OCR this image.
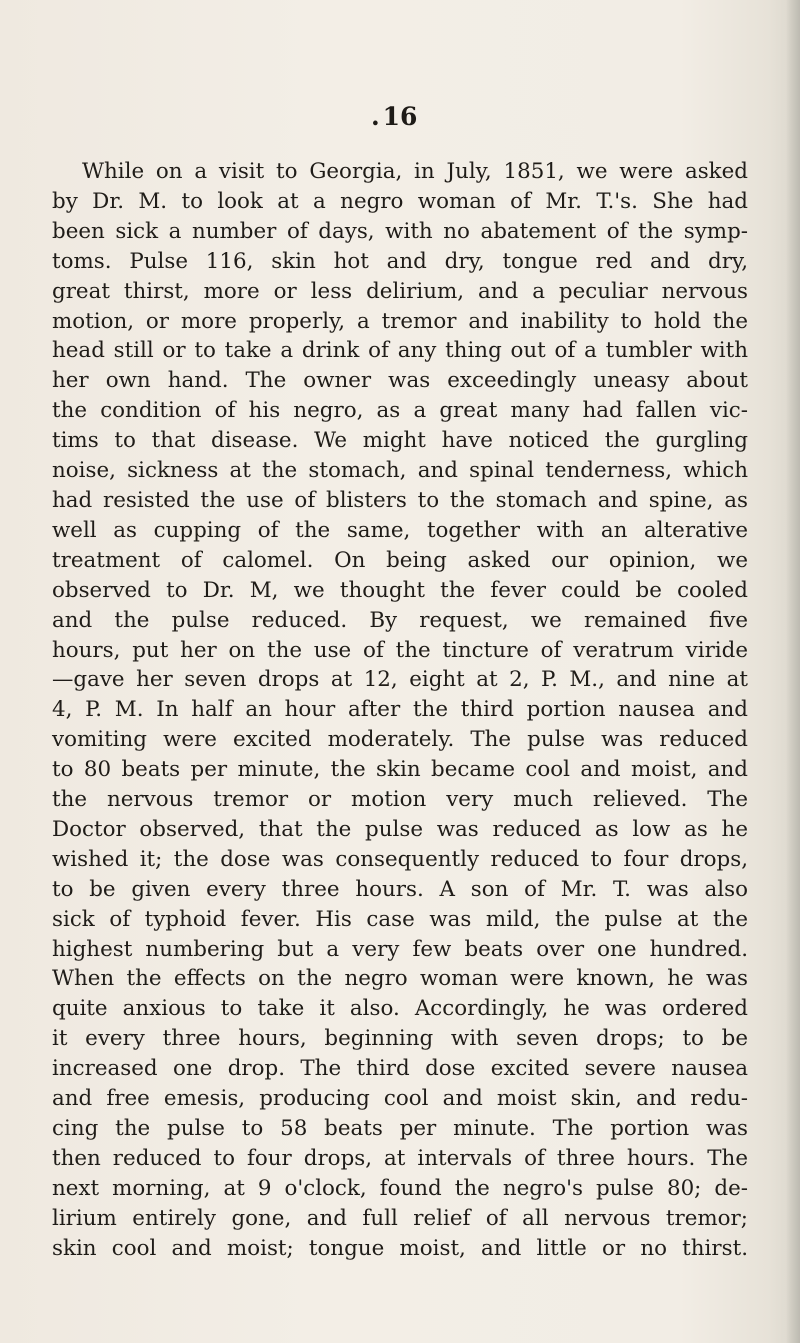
. 16
While on a visit to Georgia, in July, 1851, we were asked
by Dr. M. to look at a negro woman of Mr. T.'s. She had
been sick a number of days, with no abatement of the symp-
toms. Pulse 116, skin hot and dry, tongue red and dry,
great thirst, more or less delirium, and a peculiar nervous
motion, or more properly, a tremor and inability to hold the
head still or to take a drink of any thing out of a tumbler with
her own hand. The owner was exceedingly uneasy about
the condition of his negro, as a great many had fallen vic-
tims to that disease. We might have noticed the gurgling
noise, sickness at the stomach, and spinal tenderness, which
had resisted the use of blisters to the stomach and spine, as
well as cupping of the same, together with an alterative
treatment of calomel. On being asked our opinion, we
observed to Dr. M, we thought the fever could be cooled
and the pulse reduced. By request, we remained five
hours, put her on the use of the tincture of veratrum viride
—gave her seven drops at 12, eight at 2, P. M., and nine at
4, P. M. In half an hour after the third portion nausea and
vomiting were excited moderately. The pulse was reduced
to 80 beats per minute, the skin became cool and moist, and
the nervous tremor or motion very much relieved. The
Doctor observed, that the pulse was reduced as low as he
wished it; the dose was consequently reduced to four drops,
to be given every three hours. A son of Mr. T. was also
sick of typhoid fever. His case was mild, the pulse at the
highest numbering but a very few beats over one hundred.
When the effects on the negro woman were known, he was
quite anxious to take it also. Accordingly, he was ordered
it every three hours, beginning with seven drops; to be
increased one drop. The third dose excited severe nausea
and free emesis, producing cool and moist skin, and redu-
cing the pulse to 58 beats per minute. The portion was
then reduced to four drops, at intervals of three hours. The
next morning, at 9 o'clock, found the negro's pulse 80; de-
lirium entirely gone, and full relief of all nervous tremor;
skin cool and moist; tongue moist, and little or no thirst.
